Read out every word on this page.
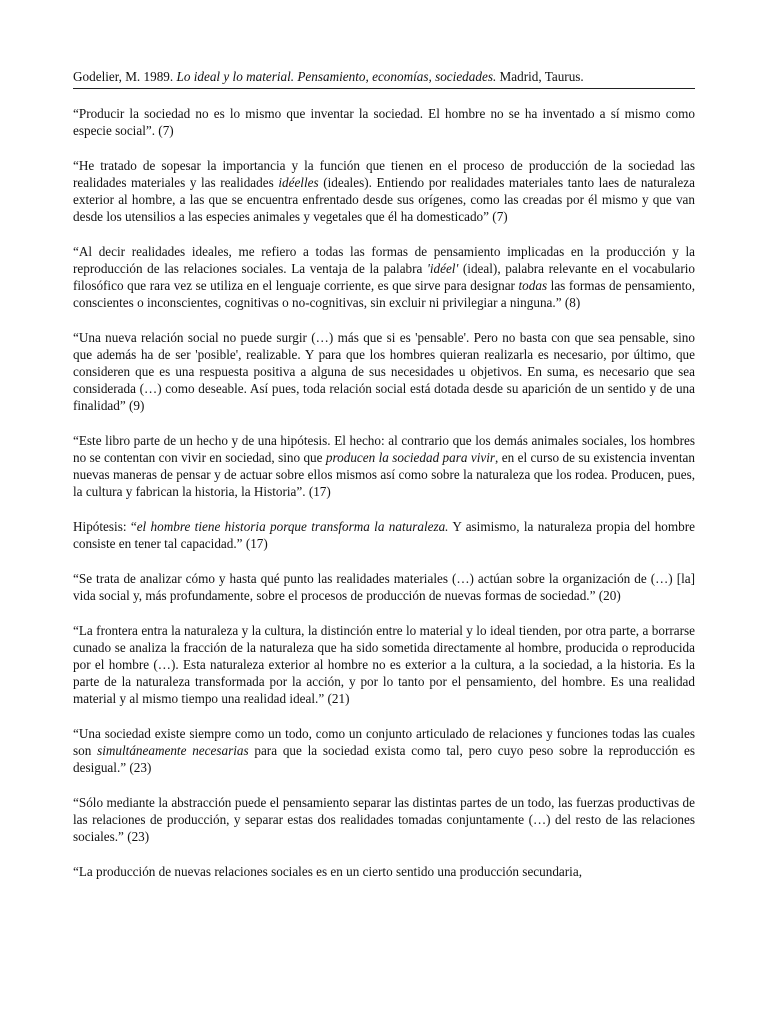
Godelier, M. 1989. Lo ideal y lo material. Pensamiento, economías, sociedades. Madrid, Taurus.

“Producir la sociedad no es lo mismo que inventar la sociedad. El hombre no se ha inventado a sí mismo como especie social”. (7)

“He tratado de sopesar la importancia y la función que tienen en el proceso de producción de la sociedad las realidades materiales y las realidades idéelles (ideales). Entiendo por realidades materiales tanto laes de naturaleza exterior al hombre, a las que se encuentra enfrentado desde sus orígenes, como las creadas por él mismo y que van desde los utensilios a las especies animales y vegetales que él ha domesticado” (7)

“Al decir realidades ideales, me refiero a todas las formas de pensamiento implicadas en la producción y la reproducción de las relaciones sociales. La ventaja de la palabra 'idéel' (ideal), palabra relevante en el vocabulario filosófico que rara vez se utiliza en el lenguaje corriente, es que sirve para designar todas las formas de pensamiento, conscientes o inconscientes, cognitivas o no-cognitivas, sin excluir ni privilegiar a ninguna.” (8)

“Una nueva relación social no puede surgir (…) más que si es 'pensable'. Pero no basta con que sea pensable, sino que además ha de ser 'posible', realizable. Y para que los hombres quieran realizarla es necesario, por último, que consideren que es una respuesta positiva a alguna de sus necesidades u objetivos. En suma, es necesario que sea considerada (…) como deseable. Así pues, toda relación social está dotada desde su aparición de un sentido y de una finalidad” (9)

“Este libro parte de un hecho y de una hipótesis. El hecho: al contrario que los demás animales sociales, los hombres no se contentan con vivir en sociedad, sino que producen la sociedad para vivir, en el curso de su existencia inventan nuevas maneras de pensar y de actuar sobre ellos mismos así como sobre la naturaleza que los rodea. Producen, pues, la cultura y fabrican la historia, la Historia”. (17)

Hipótesis: “el hombre tiene historia porque transforma la naturaleza. Y asimismo, la naturaleza propia del hombre consiste en tener tal capacidad.” (17)

“Se trata de analizar cómo y hasta qué punto las realidades materiales (…) actúan sobre la organización de (…) [la] vida social y, más profundamente, sobre el procesos de producción de nuevas formas de sociedad.” (20)

“La frontera entra la naturaleza y la cultura, la distinción entre lo material y lo ideal tienden, por otra parte, a borrarse cunado se analiza la fracción de la naturaleza que ha sido sometida directamente al hombre, producida o reproducida por el hombre (…). Esta naturaleza exterior al hombre no es exterior a la cultura, a la sociedad, a la historia. Es la parte de la naturaleza transformada por la acción, y por lo tanto por el pensamiento, del hombre. Es una realidad material y al mismo tiempo una realidad ideal.” (21)

“Una sociedad existe siempre como un todo, como un conjunto articulado de relaciones y funciones todas las cuales son simultáneamente necesarias para que la sociedad exista como tal, pero cuyo peso sobre la reproducción es desigual.” (23)

“Sólo mediante la abstracción puede el pensamiento separar las distintas partes de un todo, las fuerzas productivas de las relaciones de producción, y separar estas dos realidades tomadas conjuntamente (…) del resto de las relaciones sociales.” (23)

“La producción de nuevas relaciones sociales es en un cierto sentido una producción secundaria,
